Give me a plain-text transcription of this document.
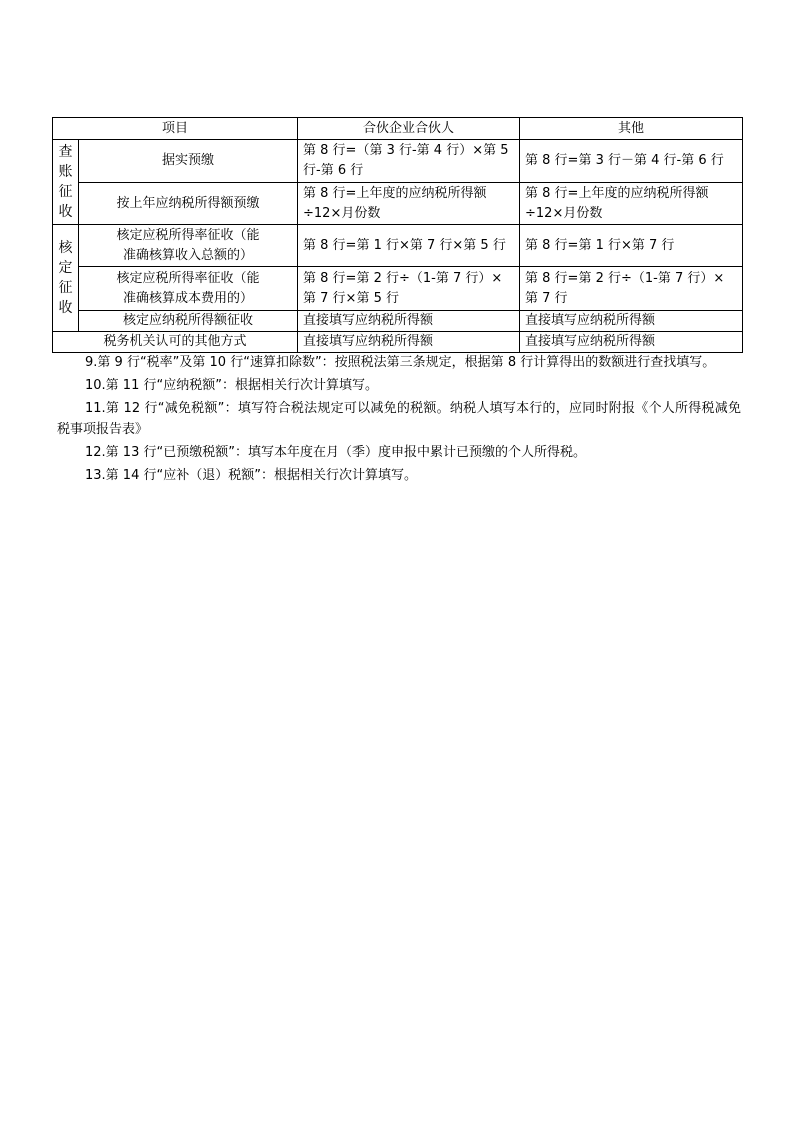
项目		合伙企业合伙人	其他

查账征收	据实预缴	第 8 行=（第 3 行-第 4 行）×第 5 行-第 6 行	第 8 行=第 3 行－第 4 行-第 6 行
	按上年应纳税所得额预缴	第 8 行=上年度的应纳税所得额÷12×月份数	第 8 行=上年度的应纳税所得额÷12×月份数

核定征收	核定应税所得率征收（能准确核算收入总额的）	第 8 行=第 1 行×第 7 行×第 5 行	第 8 行=第 1 行×第 7 行

	核定应税所得率征收（能准确核算成本费用的）	第 8 行=第 2 行÷（1-第 7 行）×第 7 行×第 5 行	第 8 行=第 2 行÷（1-第 7 行）×第 7 行
	核定应纳税所得额征收	直接填写应纳税所得额	直接填写应纳税所得额
税务机关认可的其他方式		直接填写应纳税所得额	直接填写应纳税所得额

9.第 9 行“税率”及第 10 行“速算扣除数”：按照税法第三条规定，根据第 8 行计算得出的数额进行查找填写。

10.第 11 行“应纳税额”：根据相关行次计算填写。

11.第 12 行“减免税额”：填写符合税法规定可以减免的税额。纳税人填写本行的，应同时附报《个人所得税减免税事项报告表》

12.第 13 行“已预缴税额”：填写本年度在月（季）度申报中累计已预缴的个人所得税。

13.第 14 行“应补（退）税额”：根据相关行次计算填写。
